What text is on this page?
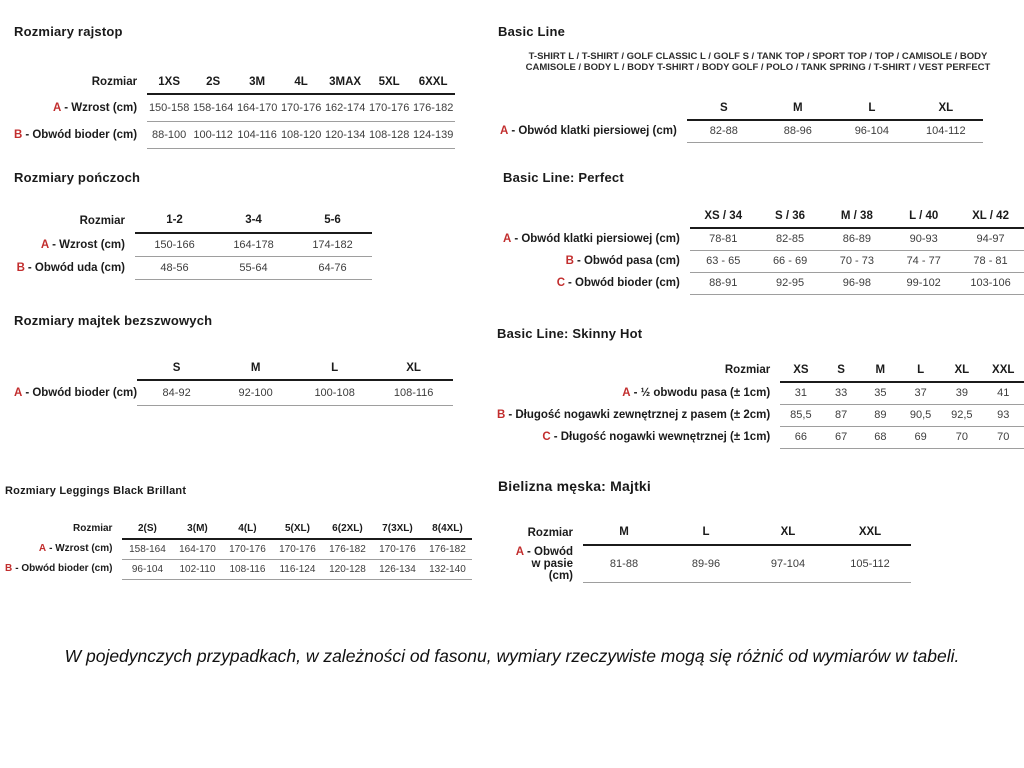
Rozmiary rajstop
Rozmiar	1XS	2S	3M	4L	3MAX	5XL	6XXL
A - Wzrost (cm)	150-158	158-164	164-170	170-176	162-174	170-176	176-182
B - Obwód bioder (cm)	88-100	100-112	104-116	108-120	120-134	108-128	124-139
Rozmiary pończoch
Rozmiar	1-2	3-4	5-6
A - Wzrost (cm)	150-166	164-178	174-182
B - Obwód uda (cm)	48-56	55-64	64-76
Rozmiary majtek bezszwowych
	S	M	L	XL
A - Obwód bioder (cm)	84-92	92-100	100-108	108-116
Rozmiary Leggings Black Brillant
Rozmiar	2(S)	3(M)	4(L)	5(XL)	6(2XL)	7(3XL)	8(4XL)
A - Wzrost (cm)	158-164	164-170	170-176	170-176	176-182	170-176	176-182
B - Obwód bioder (cm)	96-104	102-110	108-116	116-124	120-128	126-134	132-140
Basic Line
T-SHIRT L / T-SHIRT / GOLF CLASSIC L / GOLF S / TANK TOP / SPORT TOP / TOP / CAMISOLE / BODY
CAMISOLE / BODY L / BODY T-SHIRT / BODY GOLF / POLO / TANK SPRING / T-SHIRT / VEST PERFECT
	S	M	L	XL
A - Obwód klatki piersiowej (cm)	82-88	88-96	96-104	104-112
Basic Line: Perfect
	XS / 34	S / 36	M / 38	L / 40	XL / 42
A - Obwód klatki piersiowej (cm)	78-81	82-85	86-89	90-93	94-97
B - Obwód pasa (cm)	63 - 65	66 - 69	70 - 73	74 - 77	78 - 81
C - Obwód bioder (cm)	88-91	92-95	96-98	99-102	103-106
Basic Line: Skinny Hot
Rozmiar	XS	S	M	L	XL	XXL
A - ½ obwodu pasa (± 1cm)	31	33	35	37	39	41
B - Długość nogawki zewnętrznej z pasem (± 2cm)	85,5	87	89	90,5	92,5	93
C - Długość nogawki wewnętrznej (± 1cm)	66	67	68	69	70	70
Bielizna męska: Majtki
Rozmiar	M	L	XL	XXL
A - Obwód w pasie (cm)	81-88	89-96	97-104	105-112
W pojedynczych przypadkach, w zależności od fasonu, wymiary rzeczywiste mogą się różnić od wymiarów w tabeli.
